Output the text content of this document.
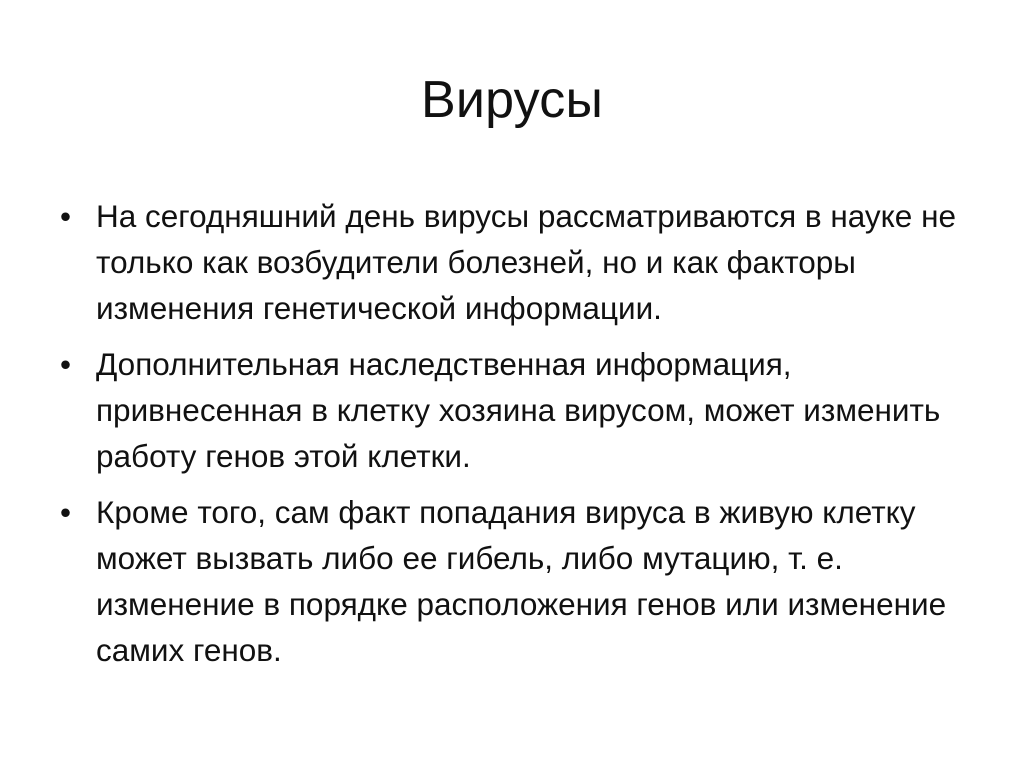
Вирусы
• На сегодняшний день вирусы рассматриваются в науке не только как возбудители болезней, но и как факторы изменения генетической информации.
• Дополнительная наследственная информация, привнесенная в клетку хозяина вирусом, может изменить работу генов этой клетки.
• Кроме того, сам факт попадания вируса в живую клетку может вызвать либо ее гибель, либо мутацию, т. е. изменение в порядке расположения генов или изменение самих генов.
